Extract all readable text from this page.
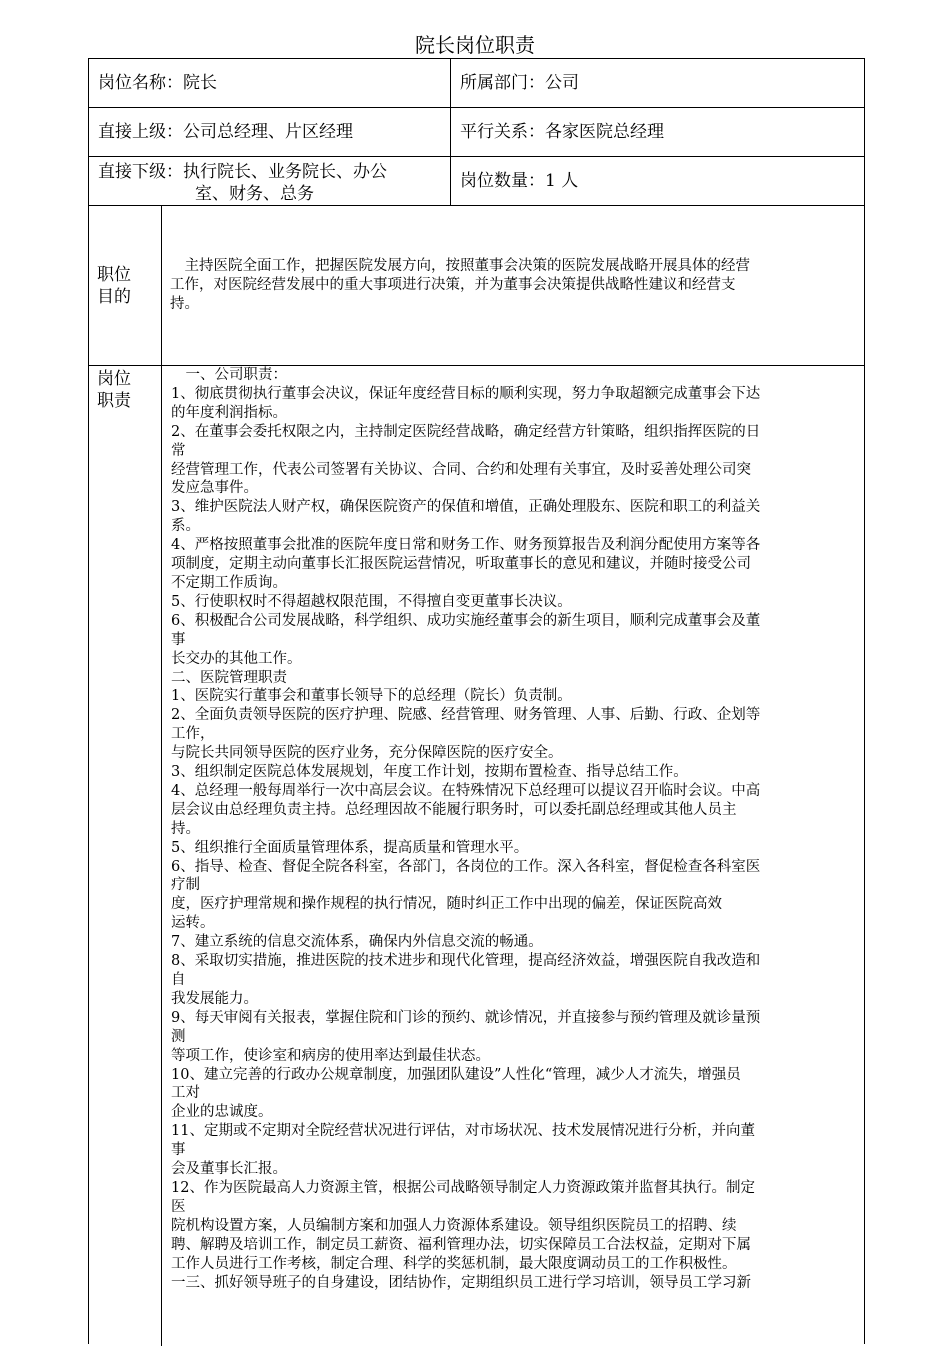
院长岗位职责
岗位名称：院长	所属部门：公司
直接上级：公司总经理、片区经理	平行关系：各家医院总经理
直接下级：执行院长、业务院长、办公
室、财务、总务
岗位数量：1 人
职位
目的
　主持医院全面工作，把握医院发展方向，按照董事会决策的医院发展战略开展具体的经营
工作，对医院经营发展中的重大事项进行决策，并为董事会决策提供战略性建议和经营支
持。
岗位
职责
　一、公司职责：
1、彻底贯彻执行董事会决议，保证年度经营目标的顺利实现，努力争取超额完成董事会下达
的年度利润指标。
2、在董事会委托权限之内，主持制定医院经营战略，确定经营方针策略，组织指挥医院的日
常
经营管理工作，代表公司签署有关协议、合同、合约和处理有关事宜，及时妥善处理公司突
发应急事件。
3、维护医院法人财产权，确保医院资产的保值和增值，正确处理股东、医院和职工的利益关
系。
4、严格按照董事会批准的医院年度日常和财务工作、财务预算报告及利润分配使用方案等各
项制度，定期主动向董事长汇报医院运营情况，听取董事长的意见和建议，并随时接受公司
不定期工作质询。
5、行使职权时不得超越权限范围，不得擅自变更董事长决议。
6、积极配合公司发展战略，科学组织、成功实施经董事会的新生项目，顺利完成董事会及董
事
长交办的其他工作。
二、医院管理职责
1、医院实行董事会和董事长领导下的总经理（院长）负责制。
2、全面负责领导医院的医疗护理、院感、经营管理、财务管理、人事、后勤、行政、企划等
工作，
与院长共同领导医院的医疗业务，充分保障医院的医疗安全。
3、组织制定医院总体发展规划，年度工作计划，按期布置检查、指导总结工作。
4、总经理一般每周举行一次中高层会议。在特殊情况下总经理可以提议召开临时会议。中高
层会议由总经理负责主持。总经理因故不能履行职务时，可以委托副总经理或其他人员主
持。
5、组织推行全面质量管理体系，提高质量和管理水平。
6、指导、检查、督促全院各科室，各部门，各岗位的工作。深入各科室，督促检查各科室医
疗制
度，医疗护理常规和操作规程的执行情况，随时纠正工作中出现的偏差，保证医院高效
运转。
7、建立系统的信息交流体系，确保内外信息交流的畅通。
8、采取切实措施，推进医院的技术进步和现代化管理，提高经济效益，增强医院自我改造和
自
我发展能力。
9、每天审阅有关报表，掌握住院和门诊的预约、就诊情况，并直接参与预约管理及就诊量预
测
等项工作，使诊室和病房的使用率达到最佳状态。
10、建立完善的行政办公规章制度，加强团队建设”人性化“管理，减少人才流失，增强员
工对
企业的忠诚度。
11、定期或不定期对全院经营状况进行评估，对市场状况、技术发展情况进行分析，并向董
事
会及董事长汇报。
12、作为医院最高人力资源主管，根据公司战略领导制定人力资源政策并监督其执行。制定
医
院机构设置方案，人员编制方案和加强人力资源体系建设。领导组织医院员工的招聘、续
聘、解聘及培训工作，制定员工薪资、福利管理办法，切实保障员工合法权益，定期对下属
工作人员进行工作考核，制定合理、科学的奖惩机制，最大限度调动员工的工作积极性。
一三、抓好领导班子的自身建设，团结协作，定期组织员工进行学习培训，领导员工学习新
